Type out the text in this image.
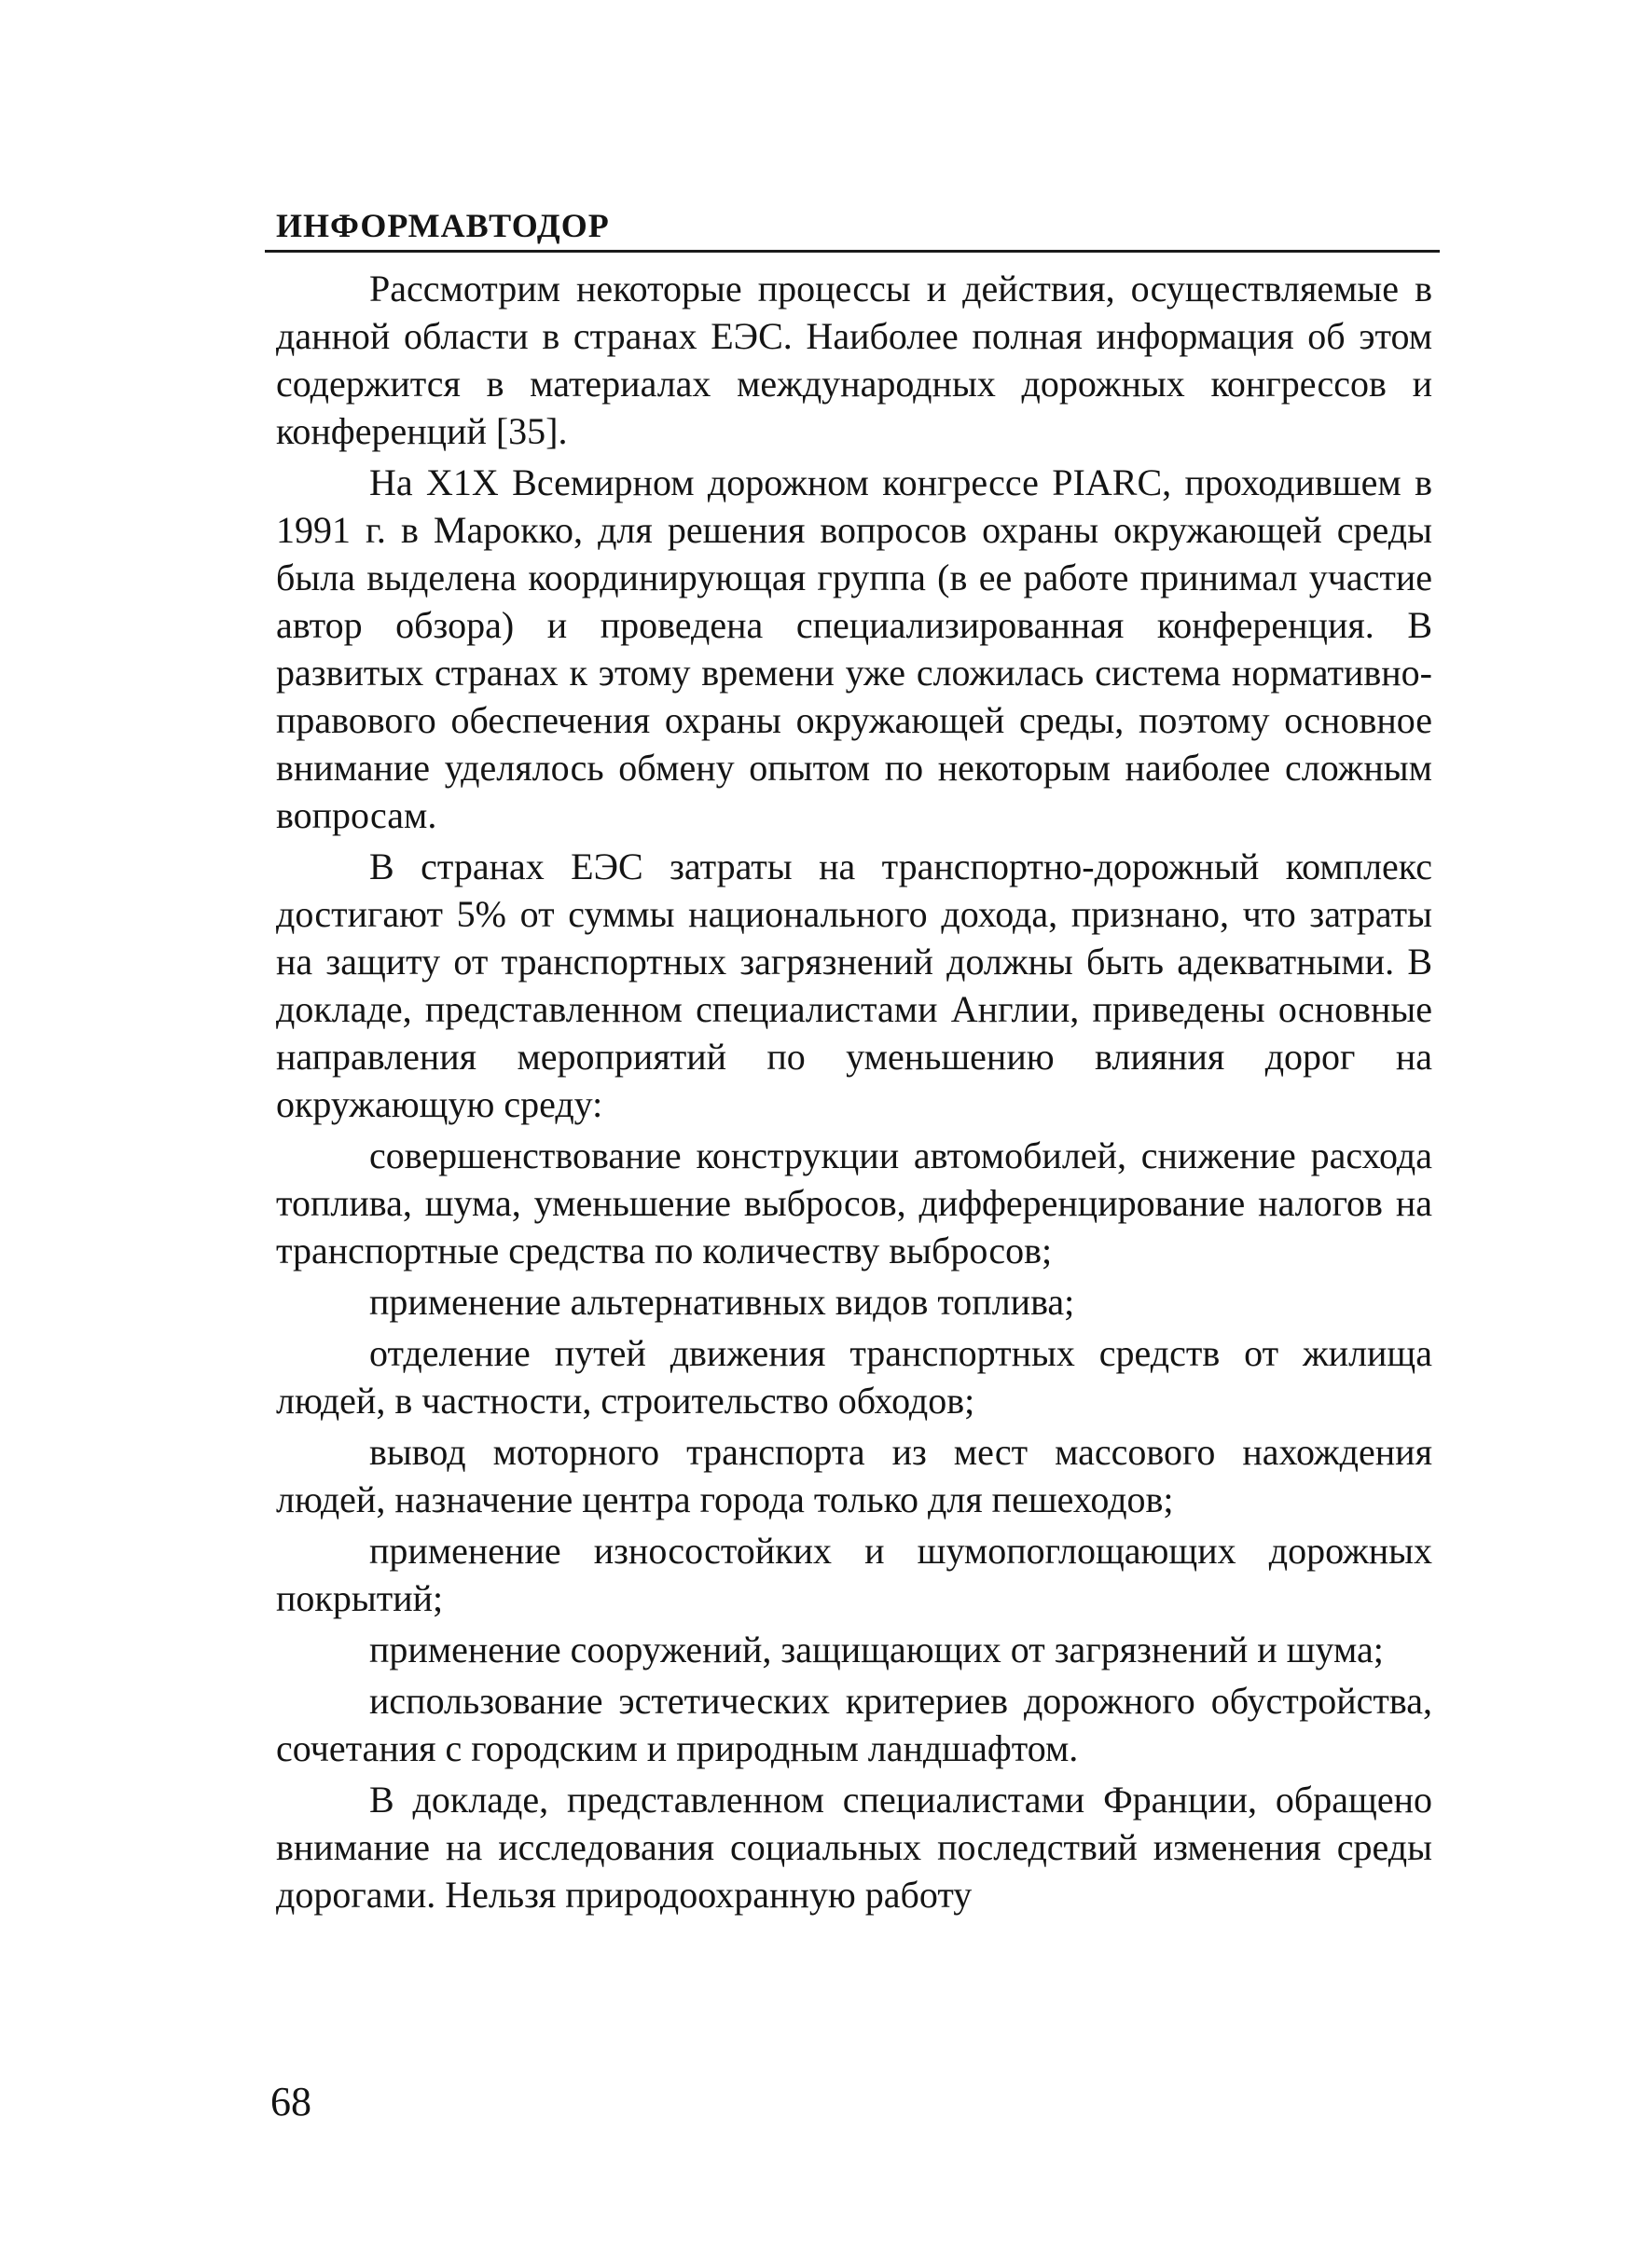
ИНФОРМАВТОДОР

Рассмотрим некоторые процессы и действия, осуществляемые в данной области в странах ЕЭС. Наиболее полная информация об этом содержится в материалах международных дорожных конгрессов и конференций [35].

На Х1Х Всемирном дорожном конгрессе PIARC, проходившем в 1991 г. в Марокко, для решения вопросов охраны окружающей среды была выделена координирующая группа (в ее работе принимал участие автор обзора) и проведена специализированная конференция. В развитых странах к этому времени уже сложилась система нормативно-правового обеспечения охраны окружающей среды, поэтому основное внимание уделялось обмену опытом по некоторым наиболее сложным вопросам.

В странах ЕЭС затраты на транспортно-дорожный комплекс достигают 5% от суммы национального дохода, признано, что затраты на защиту от транспортных загрязнений должны быть адекватными. В докладе, представленном специалистами Англии, приведены основные направления мероприятий по уменьшению влияния дорог на окружающую среду:

совершенствование конструкции автомобилей, снижение расхода топлива, шума, уменьшение выбросов, дифференцирование налогов на транспортные средства по количеству выбросов;

применение альтернативных видов топлива;

отделение путей движения транспортных средств от жилища людей, в частности, строительство обходов;

вывод моторного транспорта из мест массового нахождения людей, назначение центра города только для пешеходов;

применение износостойких и шумопоглощающих дорожных покрытий;

применение сооружений, защищающих от загрязнений и шума;

использование эстетических критериев дорожного обустройства, сочетания с городским и природным ландшафтом.

В докладе, представленном специалистами Франции, обращено внимание на исследования социальных последствий изменения среды дорогами. Нельзя природоохранную работу

68
